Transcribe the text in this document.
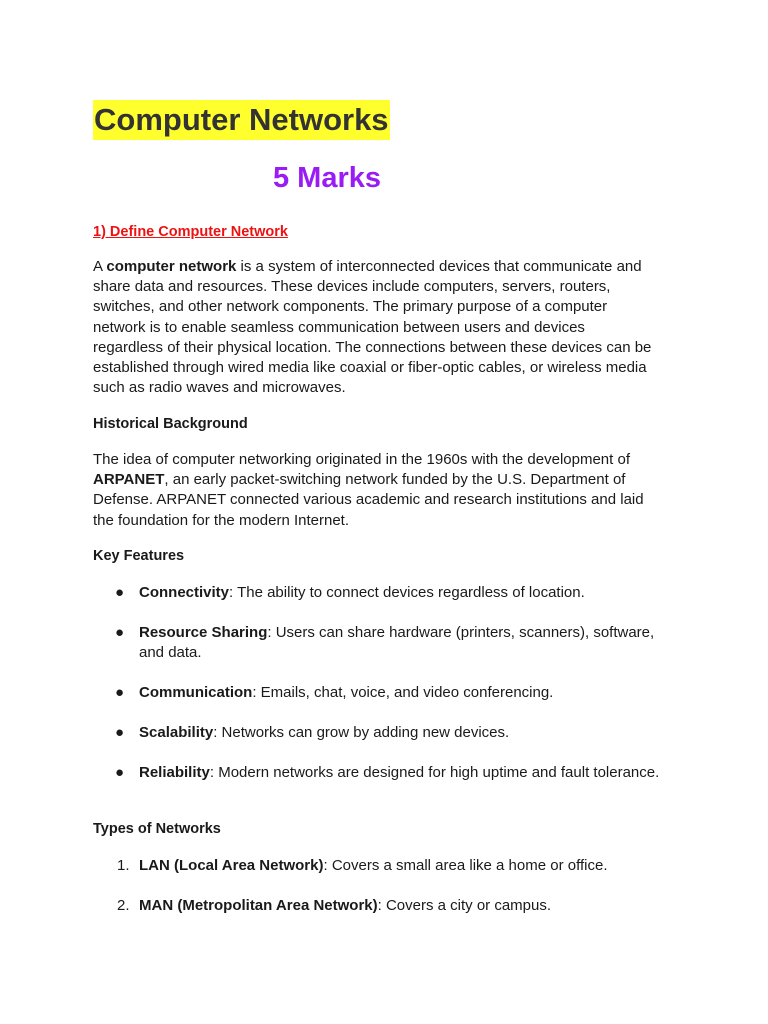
Computer Networks
5 Marks
1) Define Computer Network

A computer network is a system of interconnected devices that communicate and
share data and resources. These devices include computers, servers, routers,
switches, and other network components. The primary purpose of a computer
network is to enable seamless communication between users and devices
regardless of their physical location. The connections between these devices can be
established through wired media like coaxial or fiber-optic cables, or wireless media
such as radio waves and microwaves.

Historical Background

The idea of computer networking originated in the 1960s with the development of
ARPANET, an early packet-switching network funded by the U.S. Department of
Defense. ARPANET connected various academic and research institutions and laid
the foundation for the modern Internet.

Key Features
● Connectivity: The ability to connect devices regardless of location.
● Resource Sharing: Users can share hardware (printers, scanners), software,
and data.
● Communication: Emails, chat, voice, and video conferencing.
● Scalability: Networks can grow by adding new devices.
● Reliability: Modern networks are designed for high uptime and fault tolerance.
Types of Networks
1. LAN (Local Area Network): Covers a small area like a home or office.
2. MAN (Metropolitan Area Network): Covers a city or campus.
